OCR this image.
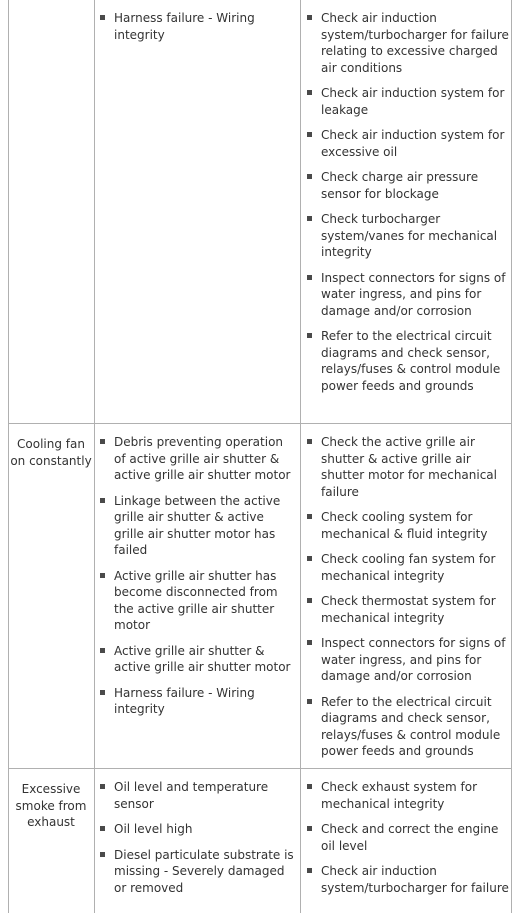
Harness failure - Wiring integrity
Check air induction system/turbocharger for failure relating to excessive charged air conditions
Check air induction system for leakage
Check air induction system for excessive oil
Check charge air pressure sensor for blockage
Check turbocharger system/vanes for mechanical integrity
Inspect connectors for signs of water ingress, and pins for damage and/or corrosion
Refer to the electrical circuit diagrams and check sensor, relays/fuses & control module power feeds and grounds
Cooling fan on constantly
Debris preventing operation of active grille air shutter & active grille air shutter motor
Linkage between the active grille air shutter & active grille air shutter motor has failed
Active grille air shutter has become disconnected from the active grille air shutter motor
Active grille air shutter & active grille air shutter motor
Harness failure - Wiring integrity
Check the active grille air shutter & active grille air shutter motor for mechanical failure
Check cooling system for mechanical & fluid integrity
Check cooling fan system for mechanical integrity
Check thermostat system for mechanical integrity
Inspect connectors for signs of water ingress, and pins for damage and/or corrosion
Refer to the electrical circuit diagrams and check sensor, relays/fuses & control module power feeds and grounds
Excessive smoke from exhaust
Oil level and temperature sensor
Oil level high
Diesel particulate substrate is missing - Severely damaged or removed
Check exhaust system for mechanical integrity
Check and correct the engine oil level
Check air induction system/turbocharger for failure
